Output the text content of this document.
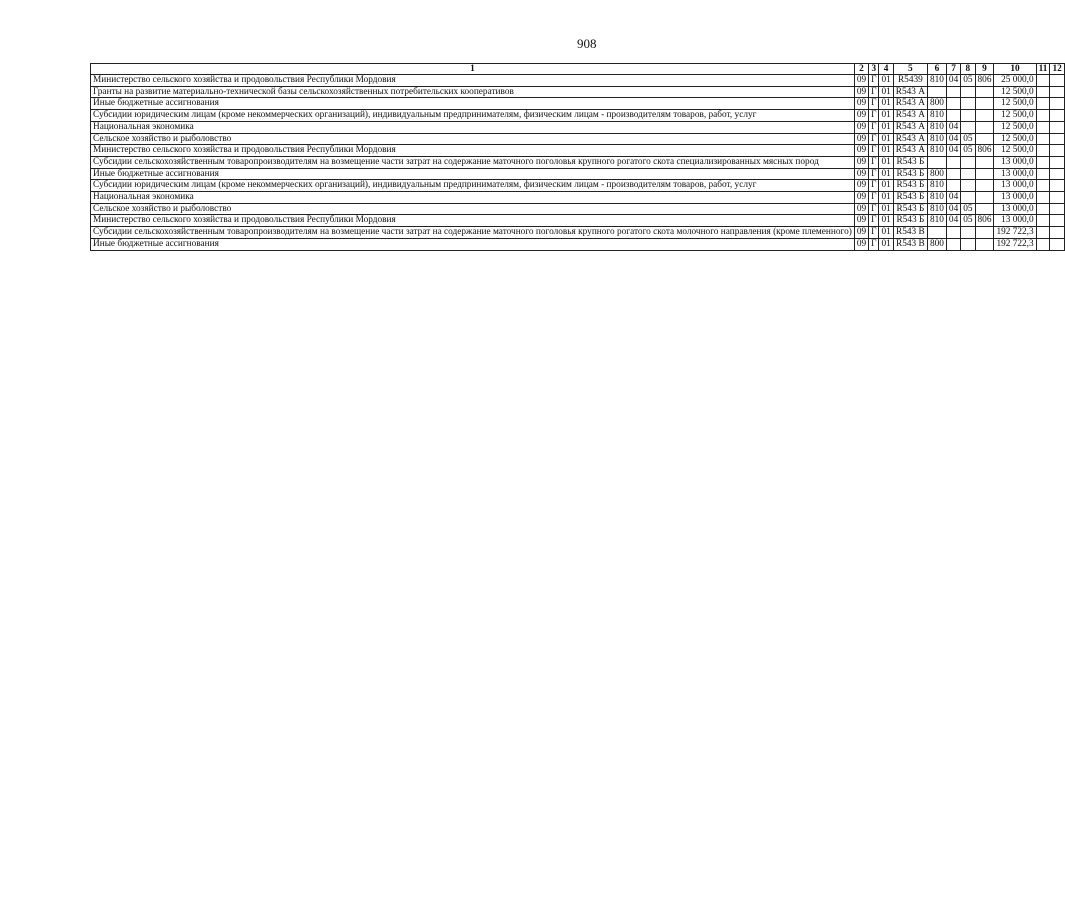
908
1	2	3	4	5	6	7	8	9	10	11	12
Министерство сельского хозяйства и продовольствия Республики Мордовия	09	Г	01	R5439	810	04	05	806	25 000,0		
Гранты на развитие материально-технической базы сельскохозяйственных потребительских кооперативов	09	Г	01	R543 А					12 500,0		
Иные бюджетные ассигнования	09	Г	01	R543 А	800				12 500,0		
Субсидии юридическим лицам (кроме некоммерческих организаций), индивидуальным предпринимателям, физическим лицам - производителям товаров, работ, услуг	09	Г	01	R543 А	810				12 500,0		
Национальная экономика	09	Г	01	R543 А	810	04			12 500,0		
Сельское хозяйство и рыболовство	09	Г	01	R543 А	810	04	05		12 500,0		
Министерство сельского хозяйства и продовольствия Республики Мордовия	09	Г	01	R543 А	810	04	05	806	12 500,0		
Субсидии сельскохозяйственным товаропроизводителям на возмещение части затрат на содержание маточного поголовья крупного рогатого скота специализированных мясных пород	09	Г	01	R543 Б					13 000,0		
Иные бюджетные ассигнования	09	Г	01	R543 Б	800				13 000,0		
Субсидии юридическим лицам (кроме некоммерческих организаций), индивидуальным предпринимателям, физическим лицам - производителям товаров, работ, услуг	09	Г	01	R543 Б	810				13 000,0		
Национальная экономика	09	Г	01	R543 Б	810	04			13 000,0		
Сельское хозяйство и рыболовство	09	Г	01	R543 Б	810	04	05		13 000,0		
Министерство сельского хозяйства и продовольствия Республики Мордовия	09	Г	01	R543 Б	810	04	05	806	13 000,0		
Субсидии сельскохозяйственным товаропроизводителям на возмещение части затрат на содержание маточного поголовья крупного рогатого скота молочного направления (кроме племенного)	09	Г	01	R543 В					192 722,3		
Иные бюджетные ассигнования	09	Г	01	R543 В	800				192 722,3		
